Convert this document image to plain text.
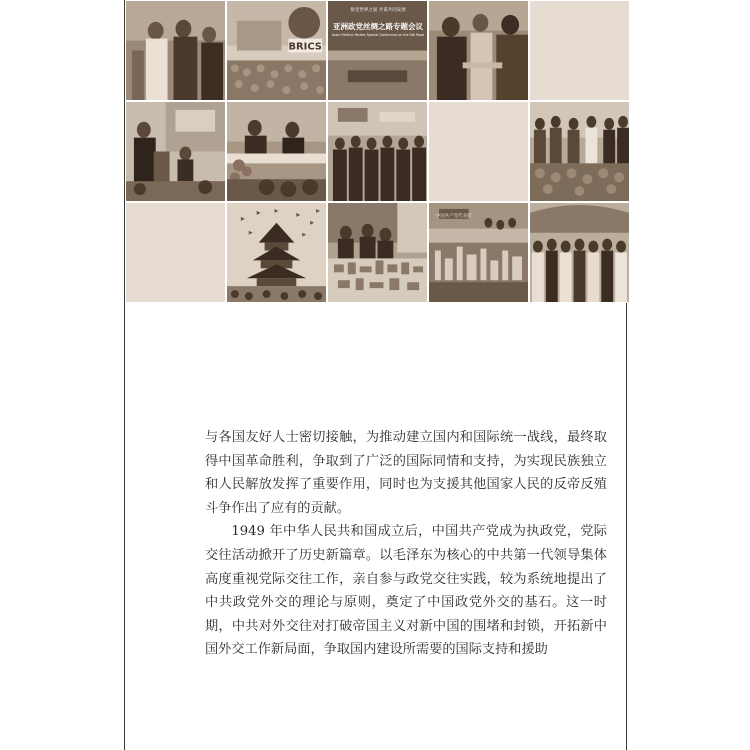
BRICS
接受世界之面 共谋共同发展
亚洲政党丝绸之路专题会议
Asian Political Parties Special Conference on the Silk Road
中国共产党代表团

与各国友好人士密切接触，为推动建立国内和国际统一战线，最终取得中国革命胜利，争取到了广泛的国际同情和支持，为实现民族独立和人民解放发挥了重要作用，同时也为支援其他国家人民的反帝反殖斗争作出了应有的贡献。

1949 年中华人民共和国成立后，中国共产党成为执政党，党际交往活动掀开了历史新篇章。以毛泽东为核心的中共第一代领导集体高度重视党际交往工作，亲自参与政党交往实践，较为系统地提出了中共政党外交的理论与原则，奠定了中国政党外交的基石。这一时期，中共对外交往对打破帝国主义对新中国的围堵和封锁，开拓新中国外交工作新局面，争取国内建设所需要的国际支持和援助
